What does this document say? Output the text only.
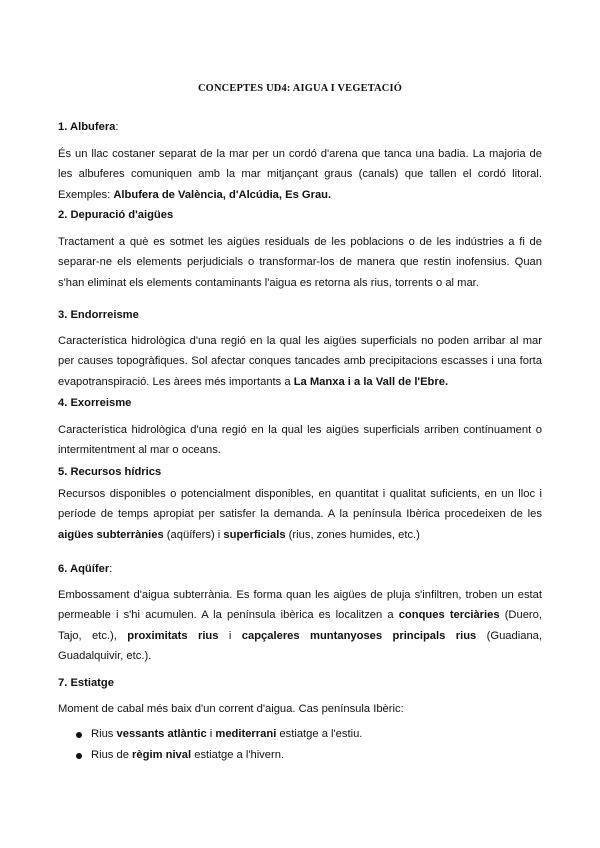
CONCEPTES UD4: AIGUA I VEGETACIÓ
1. Albufera:

És un llac costaner separat de la mar per un cordó d'arena que tanca una badia. La majoria de les albuferes comuniquen amb la mar mitjançant graus (canals) que tallen el cordó litoral. Exemples: Albufera de València, d'Alcúdia, Es Grau.

2. Depuració d'aigües

Tractament a què es sotmet les aigües residuals de les poblacions o de les indústries a fi de separar-ne els elements perjudicials o transformar-los de manera que restin inofensius. Quan s'han eliminat els elements contaminants l'aigua es retorna als rius, torrents o al mar.

3. Endorreisme

Característica hidrològica d'una regió en la qual les aigües superficials no poden arribar al mar per causes topogràfiques. Sol afectar conques tancades amb precipitacions escasses i una forta evapotranspiració. Les àrees més importants a La Manxa i a la Vall de l'Ebre.

4. Exorreisme

Característica hidrològica d'una regió en la qual les aigües superficials arriben contínuament o intermitentment al mar o oceans.

5. Recursos hídrics

Recursos disponibles o potencialment disponibles, en quantitat i qualitat suficients, en un lloc i període de temps apropiat per satisfer la demanda. A la península Ibèrica procedeixen de les aigües subterrànies (aqüífers) i superficials (rius, zones humides, etc.)

6. Aqüífer:

Embossament d'aigua subterrània. Es forma quan les aigües de pluja s'infiltren, troben un estat permeable i s'hi acumulen. A la península ibèrica es localitzen a conques terciàries (Duero, Tajo, etc.), proximitats rius i capçaleres muntanyoses principals rius (Guadiana, Guadalquivir, etc.).

7. Estiatge

Moment de cabal més baix d'un corrent d'aigua. Cas península Ibèric:

Rius vessants atlàntic i mediterrani estiatge a l'estiu.
Rius de règim nival estiatge a l'hivern.
